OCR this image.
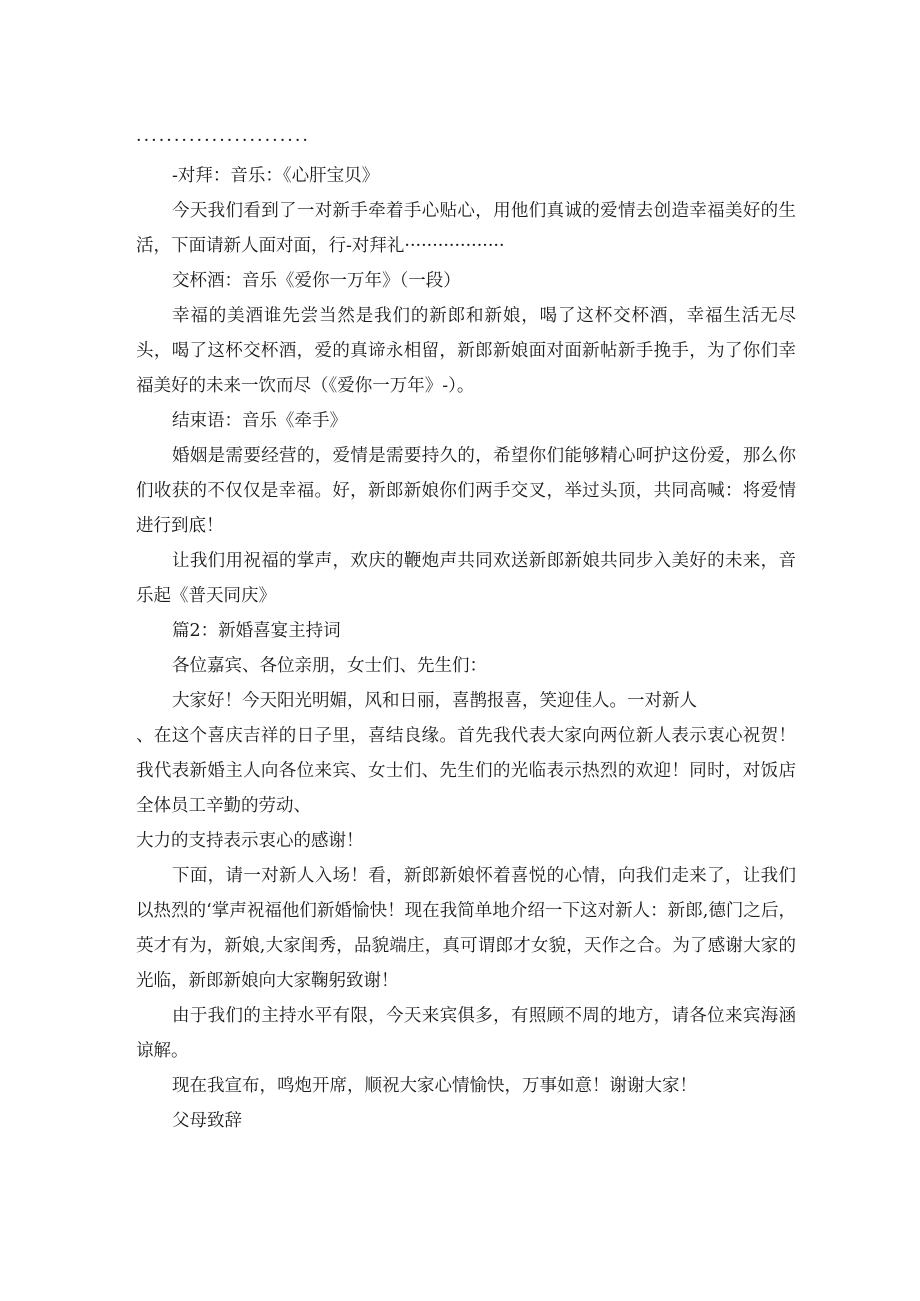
·······················

-对拜：音乐：《心肝宝贝》

今天我们看到了一对新手牵着手心贴心，用他们真诚的爱情去创造幸福美好的生活，下面请新人面对面，行-对拜礼··················

交杯酒：音乐《爱你一万年》（一段）

幸福的美酒谁先尝当然是我们的新郎和新娘，喝了这杯交杯酒，幸福生活无尽头，喝了这杯交杯酒，爱的真谛永相留，新郎新娘面对面新帖新手挽手，为了你们幸福美好的未来一饮而尽（《爱你一万年》-）。

结束语：音乐《牵手》

婚姻是需要经营的，爱情是需要持久的，希望你们能够精心呵护这份爱，那么你们收获的不仅仅是幸福。好，新郎新娘你们两手交叉，举过头顶，共同高喊：将爱情进行到底！

让我们用祝福的掌声，欢庆的鞭炮声共同欢送新郎新娘共同步入美好的未来，音乐起《普天同庆》

篇2：新婚喜宴主持词

各位嘉宾、各位亲朋，女士们、先生们：

大家好！今天阳光明媚，风和日丽，喜鹊报喜，笑迎佳人。一对新人

、在这个喜庆吉祥的日子里，喜结良缘。首先我代表大家向两位新人表示衷心祝贺！我代表新婚主人向各位来宾、女士们、先生们的光临表示热烈的欢迎！同时，对饭店全体员工辛勤的劳动、

大力的支持表示衷心的感谢！

下面，请一对新人入场！看，新郎新娘怀着喜悦的心情，向我们走来了，让我们以热烈的‘掌声祝福他们新婚愉快！现在我简单地介绍一下这对新人：新郎,德门之后，英才有为，新娘,大家闺秀，品貌端庄，真可谓郎才女貌，天作之合。为了感谢大家的光临，新郎新娘向大家鞠躬致谢！

由于我们的主持水平有限，今天来宾俱多，有照顾不周的地方，请各位来宾海涵谅解。

现在我宣布，鸣炮开席，顺祝大家心情愉快，万事如意！谢谢大家！

父母致辞
